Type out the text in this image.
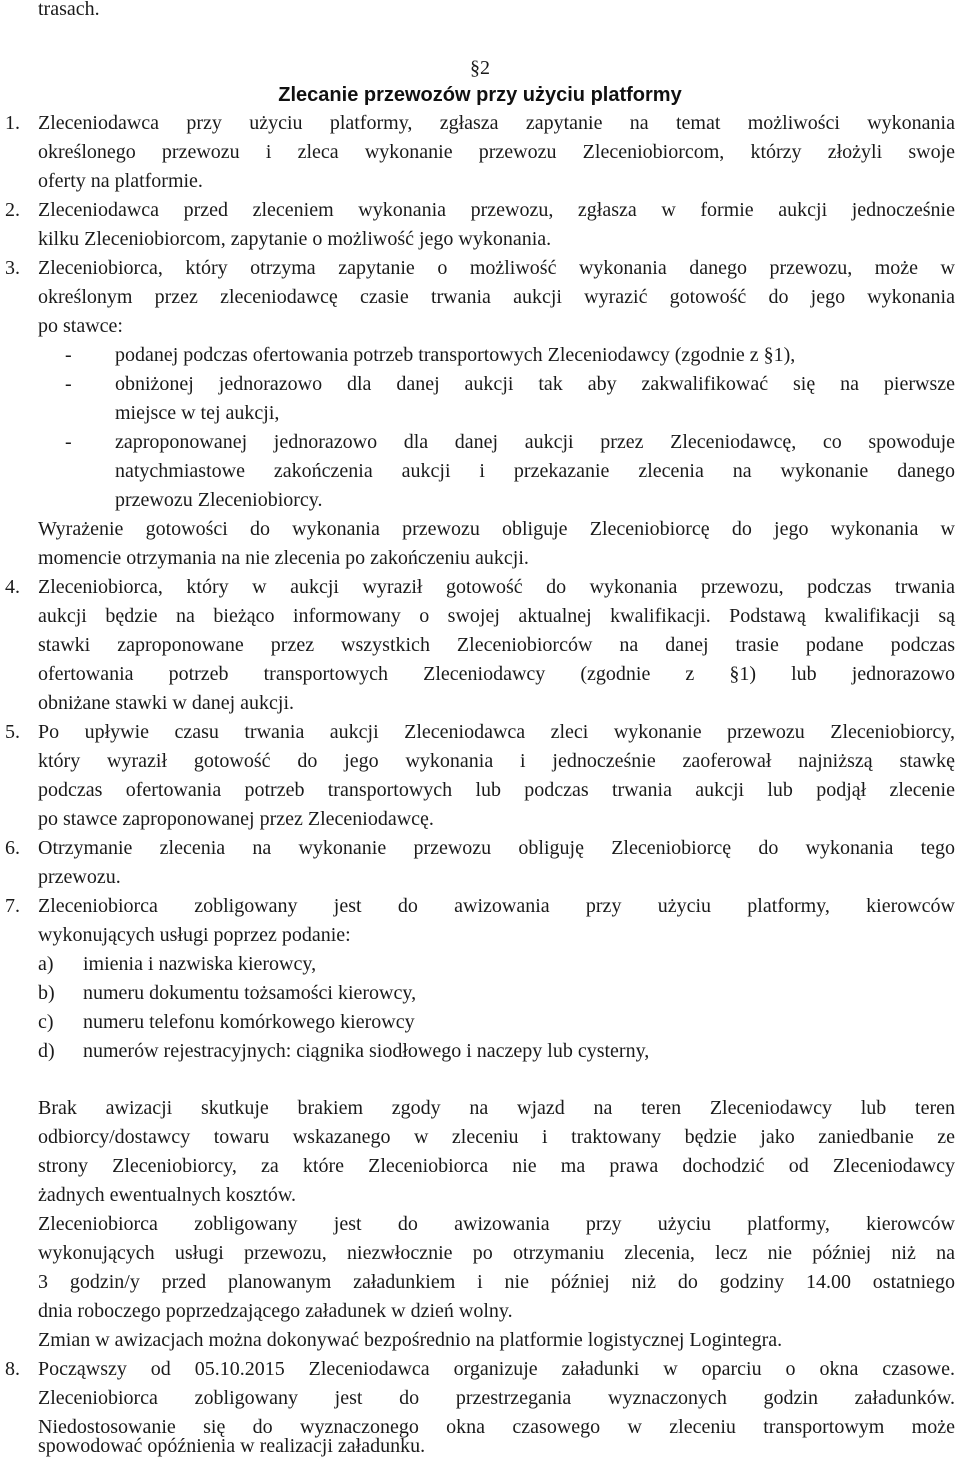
trasach.
§2
Zlecanie przewozów przy użyciu platformy
1. Zleceniodawca przy użyciu platformy, zgłasza zapytanie na temat możliwości wykonania
określonego przewozu i zleca wykonanie przewozu Zleceniobiorcom, którzy złożyli swoje
oferty na platformie.
2. Zleceniodawca przed zleceniem wykonania przewozu, zgłasza w formie aukcji jednocześnie
kilku Zleceniobiorcom, zapytanie o możliwość jego wykonania.
3. Zleceniobiorca, który otrzyma zapytanie o możliwość wykonania danego przewozu, może w
określonym przez zleceniodawcę czasie trwania aukcji wyrazić gotowość do jego wykonania
po stawce:
- podanej podczas ofertowania potrzeb transportowych Zleceniodawcy (zgodnie z §1),
- obniżonej jednorazowo dla danej aukcji tak aby zakwalifikować się na pierwsze
miejsce w tej aukcji,
- zaproponowanej jednorazowo dla danej aukcji przez Zleceniodawcę, co spowoduje
natychmiastowe zakończenia aukcji i przekazanie zlecenia na wykonanie danego
przewozu Zleceniobiorcy.
Wyrażenie gotowości do wykonania przewozu obliguje Zleceniobiorcę do jego wykonania w
momencie otrzymania na nie zlecenia po zakończeniu aukcji.
4. Zleceniobiorca, który w aukcji wyraził gotowość do wykonania przewozu, podczas trwania
aukcji będzie na bieżąco informowany o swojej aktualnej kwalifikacji. Podstawą kwalifikacji są
stawki zaproponowane przez wszystkich Zleceniobiorców na danej trasie podane podczas
ofertowania potrzeb transportowych Zleceniodawcy (zgodnie z §1) lub jednorazowo
obniżane stawki w danej aukcji.
5. Po upływie czasu trwania aukcji Zleceniodawca zleci wykonanie przewozu Zleceniobiorcy,
który wyraził gotowość do jego wykonania i jednocześnie zaoferował najniższą stawkę
podczas ofertowania potrzeb transportowych lub podczas trwania aukcji lub podjął zlecenie
po stawce zaproponowanej przez Zleceniodawcę.
6. Otrzymanie zlecenia na wykonanie przewozu obliguję Zleceniobiorcę do wykonania tego
przewozu.
7. Zleceniobiorca zobligowany jest do awizowania przy użyciu platformy, kierowców
wykonujących usługi poprzez podanie:
a) imienia i nazwiska kierowcy,
b) numeru dokumentu tożsamości kierowcy,
c) numeru telefonu komórkowego kierowcy
d) numerów rejestracyjnych: ciągnika siodłowego i naczepy lub cysterny,
Brak awizacji skutkuje brakiem zgody na wjazd na teren Zleceniodawcy lub teren
odbiorcy/dostawcy towaru wskazanego w zleceniu i traktowany będzie jako zaniedbanie ze
strony Zleceniobiorcy, za które Zleceniobiorca nie ma prawa dochodzić od Zleceniodawcy
żadnych ewentualnych kosztów.
Zleceniobiorca zobligowany jest do awizowania przy użyciu platformy, kierowców
wykonujących usługi przewozu, niezwłocznie po otrzymaniu zlecenia, lecz nie później niż na
3 godzin/y przed planowanym załadunkiem i nie później niż do godziny 14.00 ostatniego
dnia roboczego poprzedzającego załadunek w dzień wolny.
Zmian w awizacjach można dokonywać bezpośrednio na platformie logistycznej Logintegra.
8. Począwszy od 05.10.2015 Zleceniodawca organizuje załadunki w oparciu o okna czasowe.
Zleceniobiorca zobligowany jest do przestrzegania wyznaczonych godzin załadunków.
Niedostosowanie się do wyznaczonego okna czasowego w zleceniu transportowym może
spowodować opóźnienia w realizacji załadunku.
